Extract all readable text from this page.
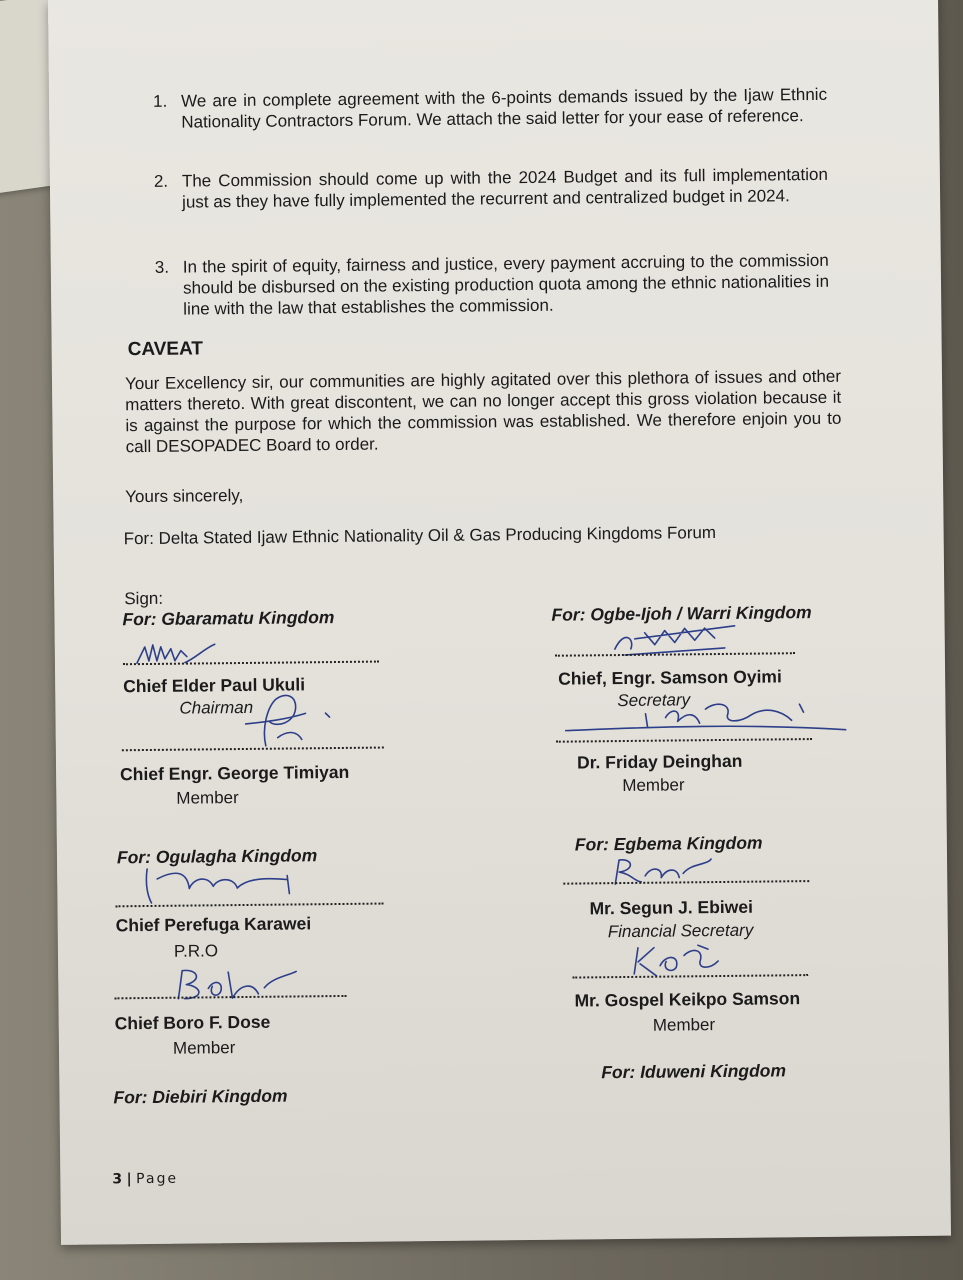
1. We are in complete agreement with the 6-points demands issued by the Ijaw Ethnic Nationality Contractors Forum. We attach the said letter for your ease of reference.

2. The Commission should come up with the 2024 Budget and its full implementation just as they have fully implemented the recurrent and centralized budget in 2024.

3. In the spirit of equity, fairness and justice, every payment accruing to the commission should be disbursed on the existing production quota among the ethnic nationalities in line with the law that establishes the commission.

CAVEAT

Your Excellency sir, our communities are highly agitated over this plethora of issues and other matters thereto. With great discontent, we can no longer accept this gross violation because it is against the purpose for which the commission was established. We therefore enjoin you to call DESOPADEC Board to order.

Yours sincerely,
For: Delta Stated Ijaw Ethnic Nationality Oil & Gas Producing Kingdoms Forum
Sign:
For: Gbaramatu Kingdom
Chief Elder Paul Ukuli
Chairman
Chief Engr. George Timiyan
Member
For: Ogulagha Kingdom
Chief Perefuga Karawei
P.R.O
Chief Boro F. Dose
Member
For: Diebiri Kingdom
For: Ogbe-Ijoh / Warri Kingdom
Chief, Engr. Samson Oyimi
Secretary
Dr. Friday Deinghan
Member
For: Egbema Kingdom
Mr. Segun J. Ebiwei
Financial Secretary
Mr. Gospel Keikpo Samson
Member
For: Iduweni Kingdom
3 | Page
